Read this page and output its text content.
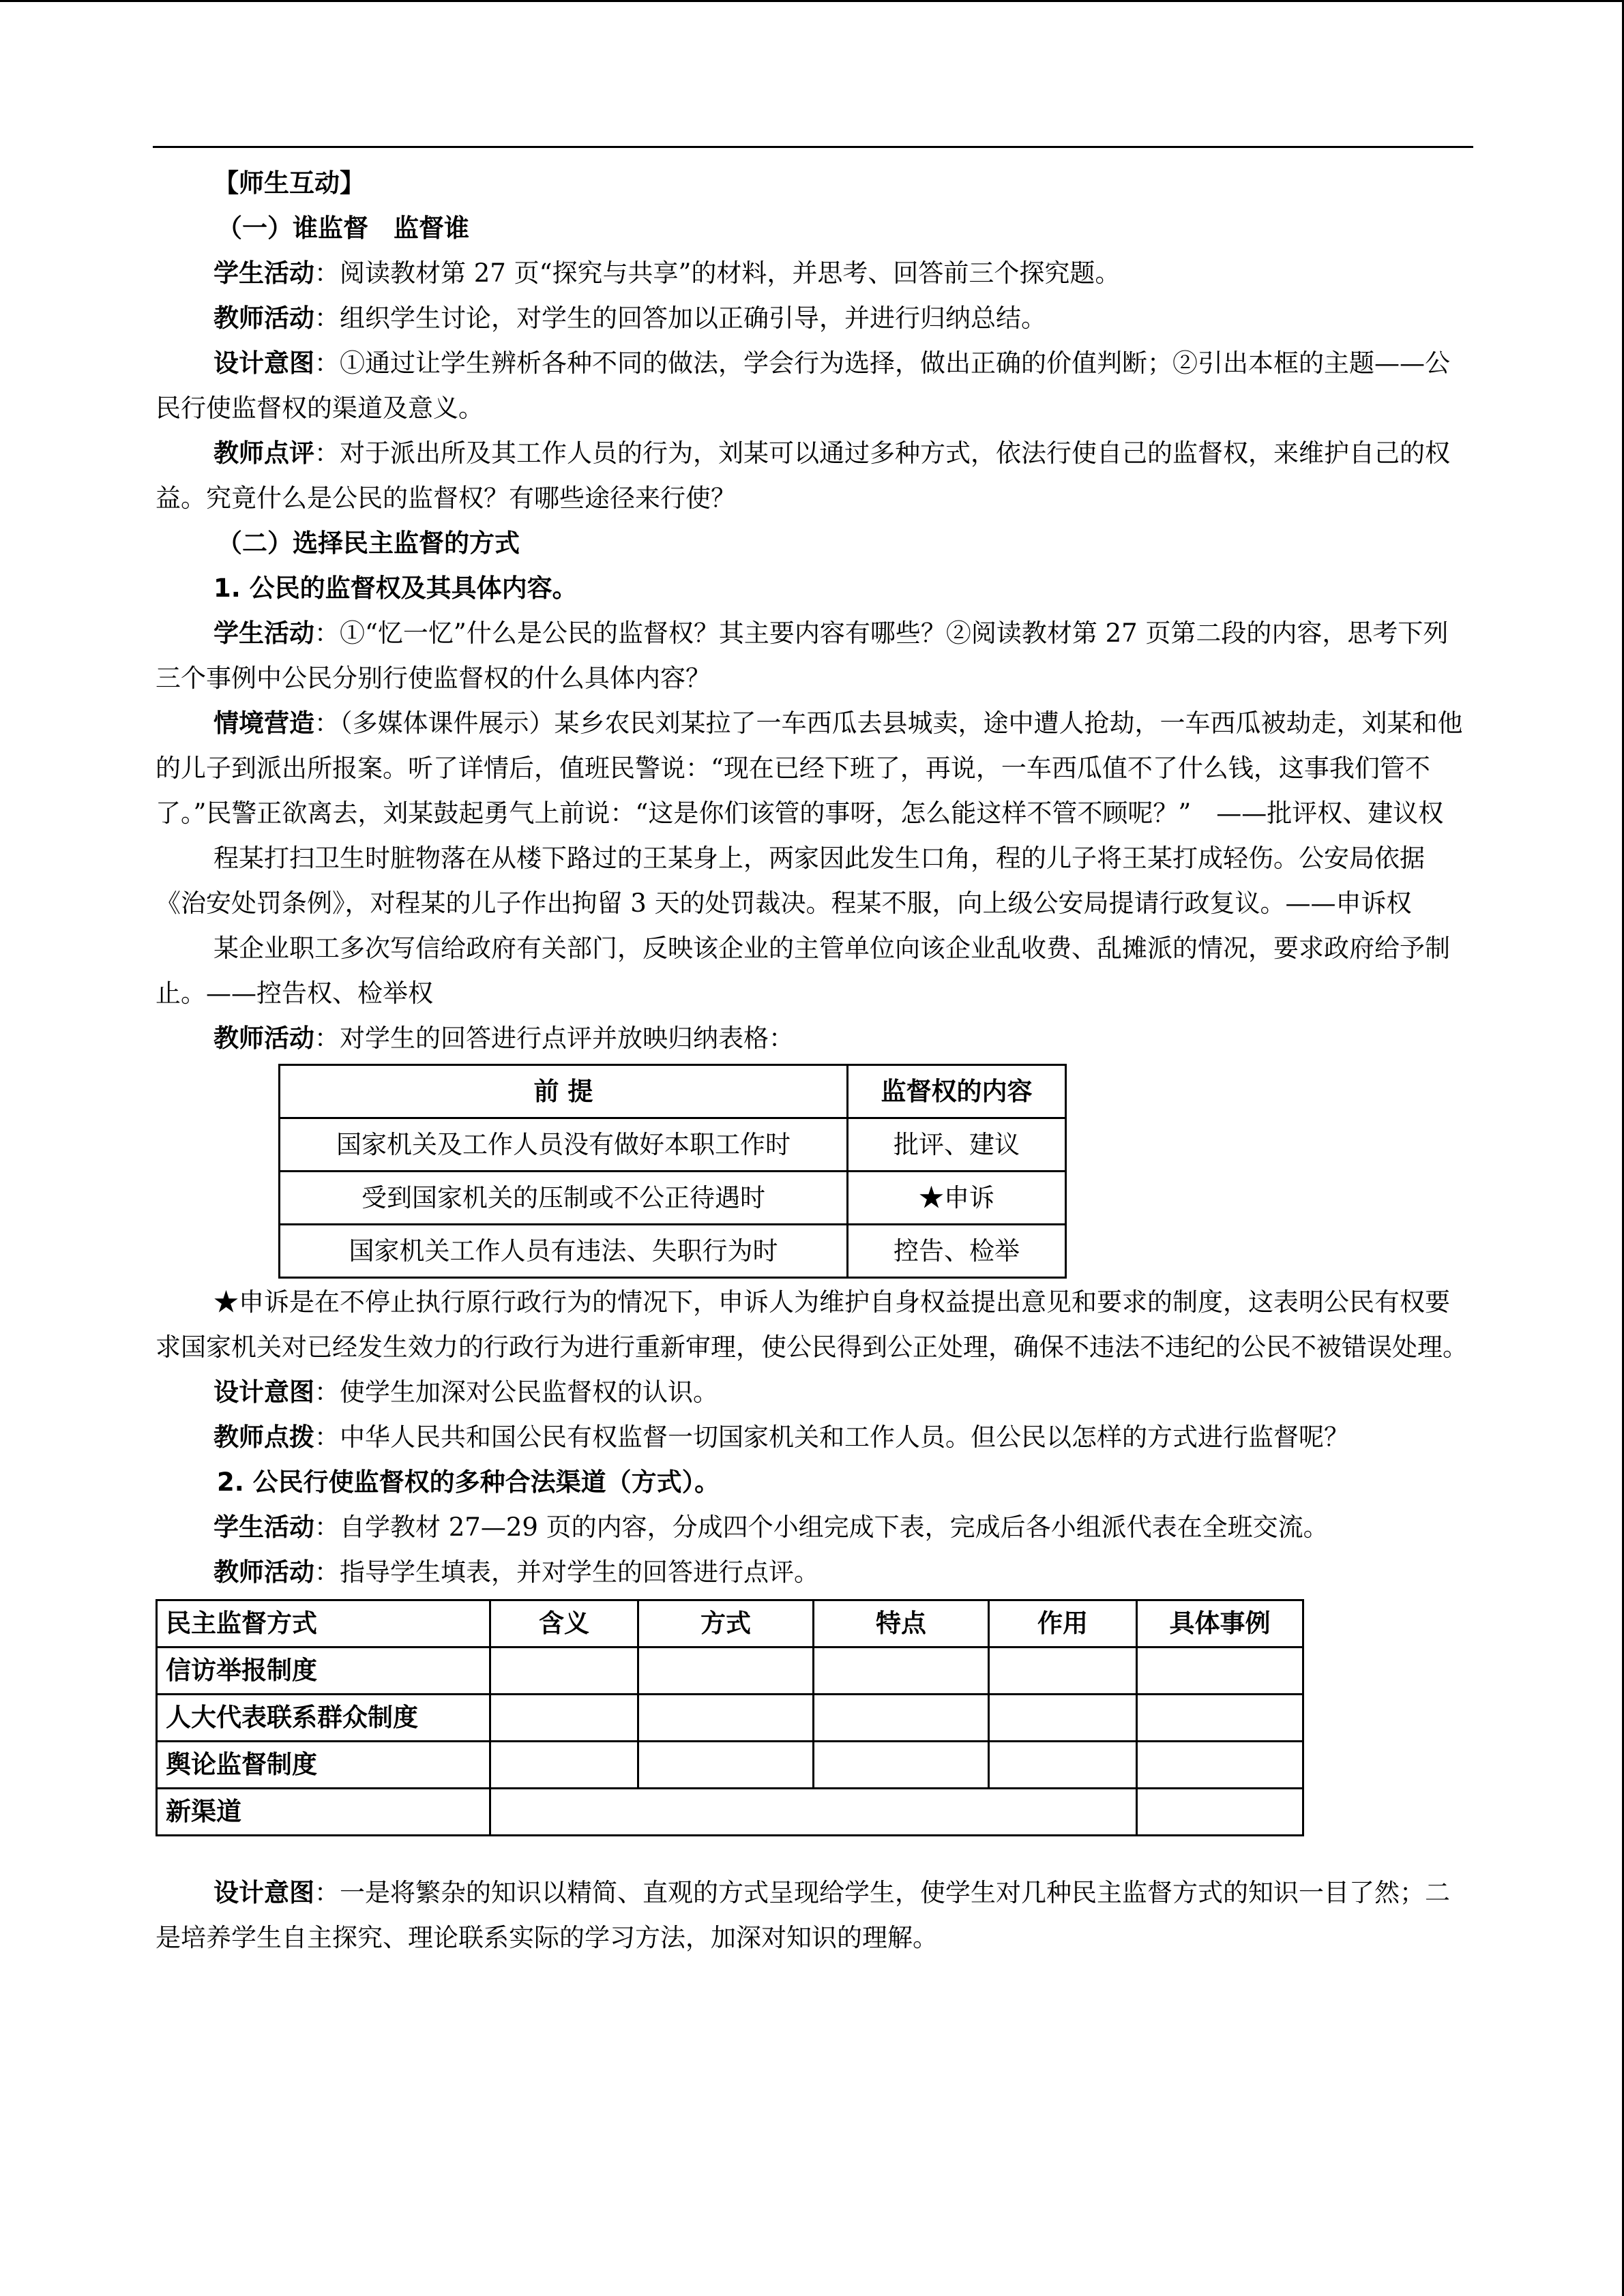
【师生互动】

（一）谁监督　监督谁

学生活动：阅读教材第 27 页“探究与共享”的材料，并思考、回答前三个探究题。

教师活动：组织学生讨论，对学生的回答加以正确引导，并进行归纳总结。

设计意图：①通过让学生辨析各种不同的做法，学会行为选择，做出正确的价值判断；②引出本框的主题——公民行使监督权的渠道及意义。

教师点评：对于派出所及其工作人员的行为，刘某可以通过多种方式，依法行使自己的监督权，来维护自己的权益。究竟什么是公民的监督权？有哪些途径来行使？

（二）选择民主监督的方式

1. 公民的监督权及其具体内容。

学生活动：①“忆一忆”什么是公民的监督权？其主要内容有哪些？②阅读教材第 27 页第二段的内容，思考下列三个事例中公民分别行使监督权的什么具体内容？

情境营造：（多媒体课件展示）某乡农民刘某拉了一车西瓜去县城卖，途中遭人抢劫，一车西瓜被劫走，刘某和他的儿子到派出所报案。听了详情后，值班民警说：“现在已经下班了，再说，一车西瓜值不了什么钱，这事我们管不了。”民警正欲离去，刘某鼓起勇气上前说：“这是你们该管的事呀，怎么能这样不管不顾呢？”　——批评权、建议权

程某打扫卫生时脏物落在从楼下路过的王某身上，两家因此发生口角，程的儿子将王某打成轻伤。公安局依据《治安处罚条例》，对程某的儿子作出拘留 3 天的处罚裁决。程某不服，向上级公安局提请行政复议。——申诉权

某企业职工多次写信给政府有关部门，反映该企业的主管单位向该企业乱收费、乱摊派的情况，要求政府给予制止。——控告权、检举权

教师活动：对学生的回答进行点评并放映归纳表格：

前 提	监督权的内容
国家机关及工作人员没有做好本职工作时	批评、建议
受到国家机关的压制或不公正待遇时	★申诉
国家机关工作人员有违法、失职行为时	控告、检举

★申诉是在不停止执行原行政行为的情况下，申诉人为维护自身权益提出意见和要求的制度，这表明公民有权要求国家机关对已经发生效力的行政行为进行重新审理，使公民得到公正处理，确保不违法不违纪的公民不被错误处理。

设计意图：使学生加深对公民监督权的认识。

教师点拨：中华人民共和国公民有权监督一切国家机关和工作人员。但公民以怎样的方式进行监督呢？

2. 公民行使监督权的多种合法渠道（方式）。

学生活动：自学教材 27—29 页的内容，分成四个小组完成下表，完成后各小组派代表在全班交流。

教师活动：指导学生填表，并对学生的回答进行点评。

民主监督方式	含义	方式	特点	作用	具体事例
信访举报制度					
人大代表联系群众制度					
舆论监督制度					
新渠道					

设计意图：一是将繁杂的知识以精简、直观的方式呈现给学生，使学生对几种民主监督方式的知识一目了然；二是培养学生自主探究、理论联系实际的学习方法，加深对知识的理解。
